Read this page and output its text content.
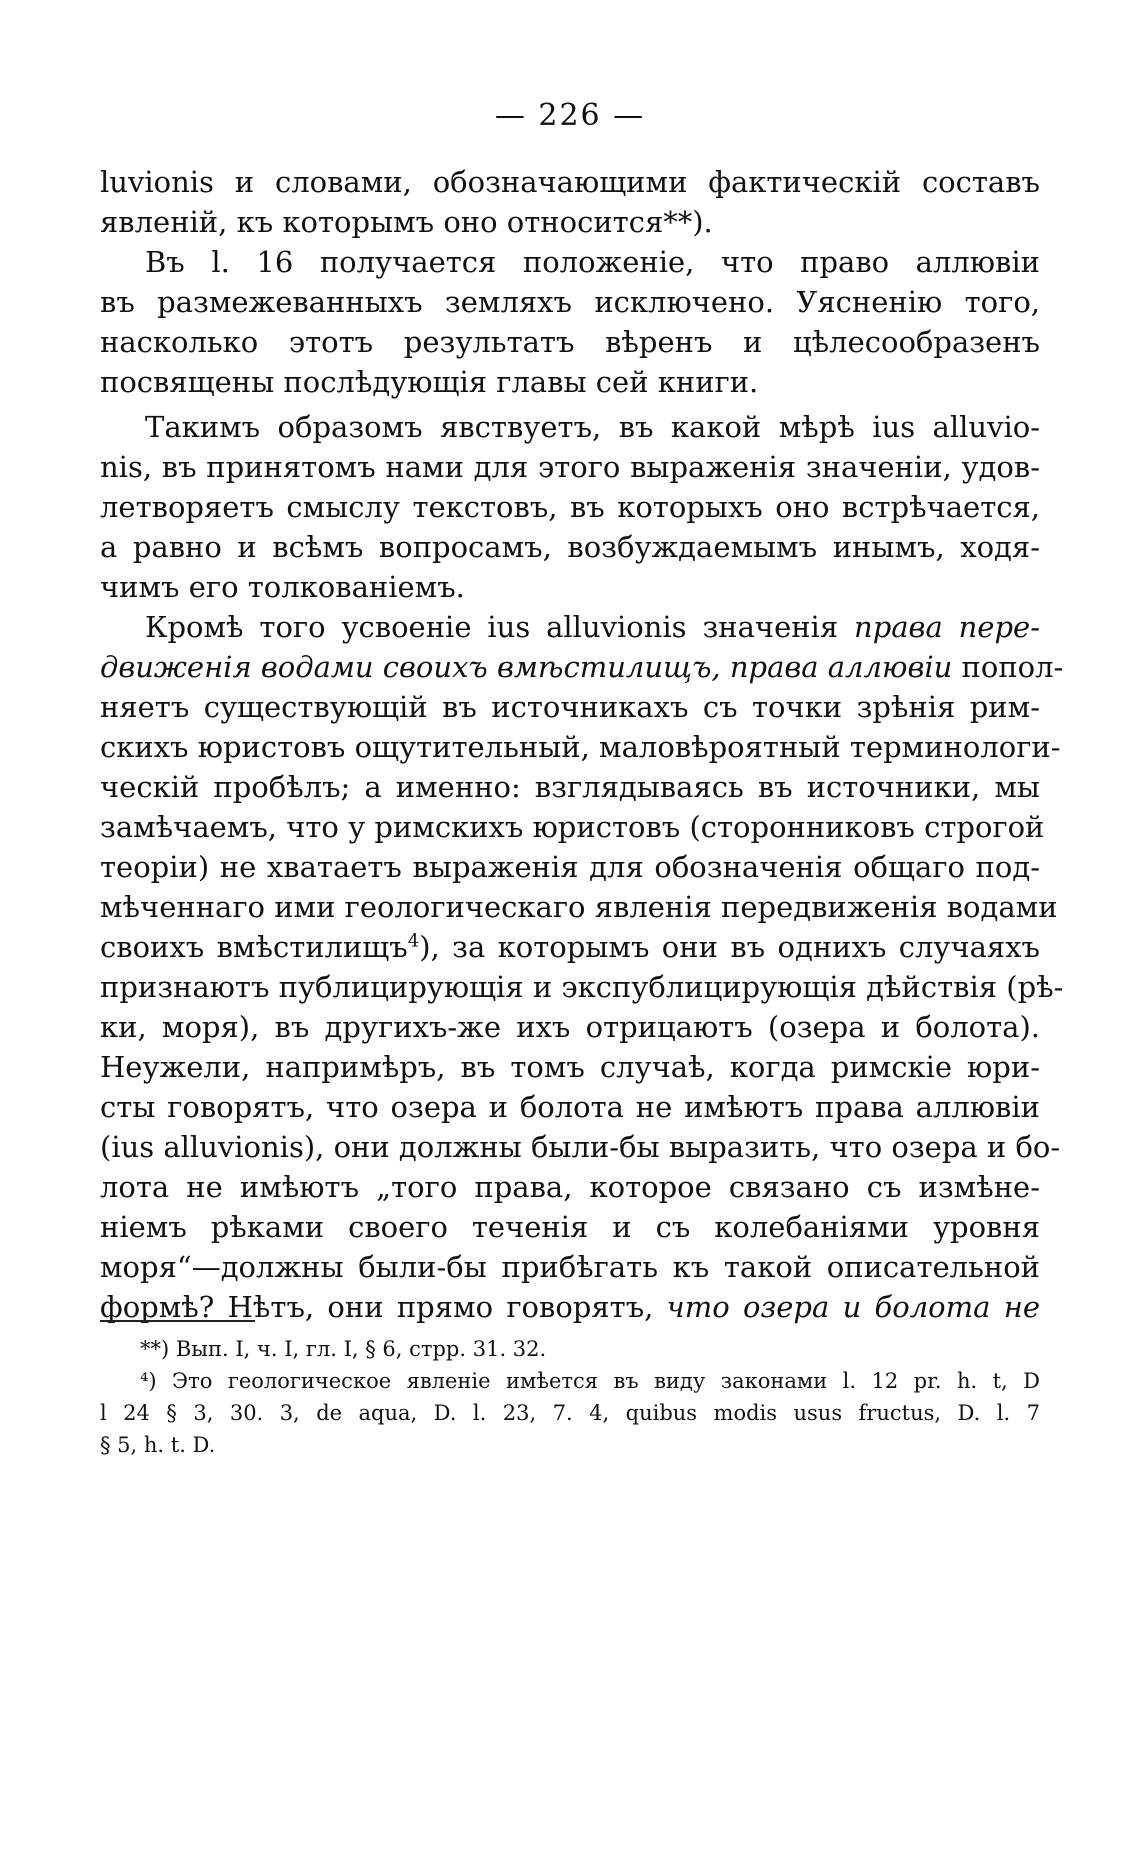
— 226 —
luvionis и словами, обозначающими фактическій составъ
явленій, къ которымъ оно относится**).
Въ l. 16 получается положеніе, что право аллювіи
въ размежеванныхъ земляхъ исключено. Уясненію того,
насколько этотъ результатъ вѣренъ и цѣлесообразенъ
посвящены послѣдующія главы сей книги.
Такимъ образомъ явствуетъ, въ какой мѣрѣ ius alluvio-
nis, въ принятомъ нами для этого выраженія значеніи, удов-
летворяетъ смыслу текстовъ, въ которыхъ оно встрѣчается,
а равно и всѣмъ вопросамъ, возбуждаемымъ инымъ, ходя-
чимъ его толкованіемъ.
Кромѣ того усвоеніе ius alluvionis значенія права пере-
движенія водами своихъ вмѣстилищъ, права аллювіи попол-
няетъ существующій въ источникахъ съ точки зрѣнія рим-
скихъ юристовъ ощутительный, маловѣроятный терминологи-
ческій пробѣлъ; а именно: взглядываясь въ источники, мы
замѣчаемъ, что у римскихъ юристовъ (сторонниковъ строгой
теоріи) не хватаетъ выраженія для обозначенія общаго под-
мѣченнаго ими геологическаго явленія передвиженія водами
своихъ вмѣстилищъ$^4$), за которымъ они въ однихъ случаяхъ
признаютъ публицирующія и экспублицирующія дѣйствія (рѣ-
ки, моря), въ другихъ-же ихъ отрицаютъ (озера и болота).
Неужели, напримѣръ, въ томъ случаѣ, когда римскіе юри-
сты говорятъ, что озера и болота не имѣютъ права аллювіи
(ius alluvionis), они должны были-бы выразить, что озера и бо-
лота не имѣютъ „того права, которое связано съ измѣне-
ніемъ рѣками своего теченія и съ колебаніями уровня
моря“—должны были-бы прибѣгать къ такой описательной
формѣ? Нѣтъ, они прямо говорятъ, что озера и болота не
**) Вып. I, ч. I, гл. I, § 6, стрр. 31. 32.
⁴) Это геологическое явленіе имѣется въ виду законами l. 12 pr. h. t, D
l 24 § 3, 30. 3, de aqua, D. l. 23, 7. 4, quibus modis usus fructus, D. l. 7
§ 5, h. t. D.
